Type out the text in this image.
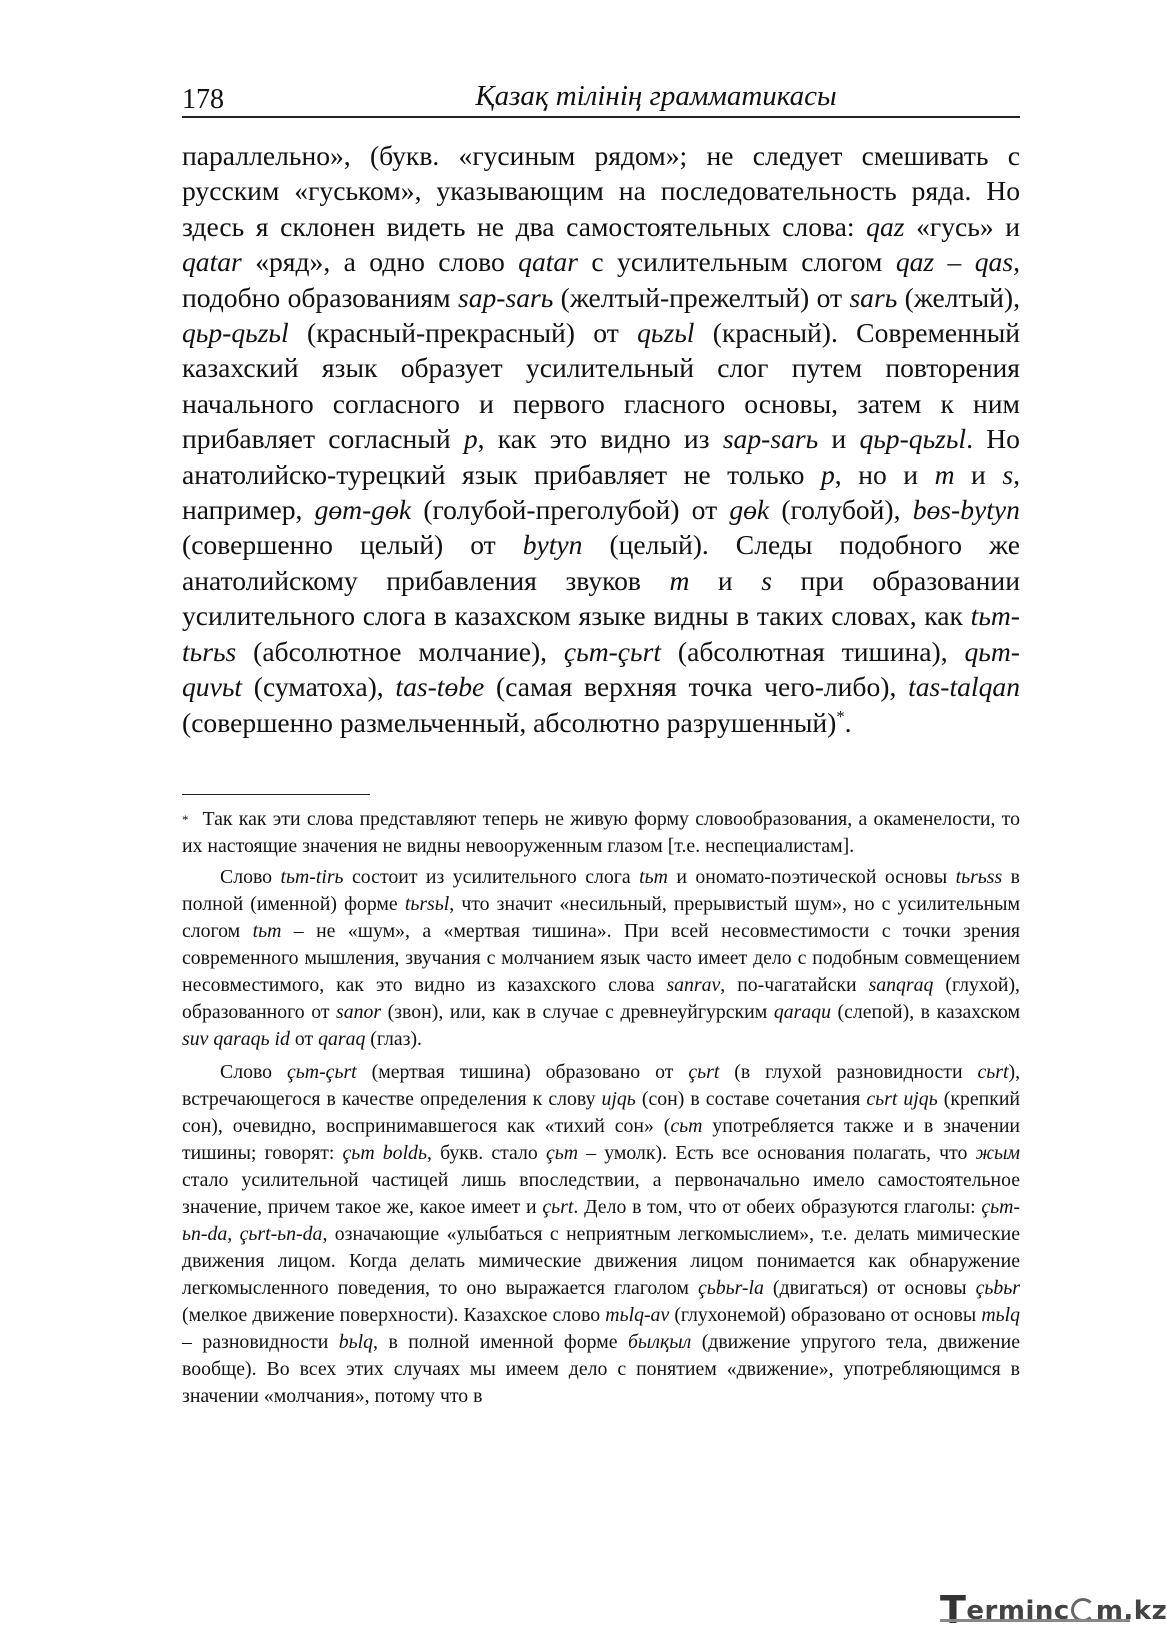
178	Қазақ тілінің грамматикасы

параллельно», (букв. «гусиным рядом»; не следует смешивать с русским «гуськом», указывающим на последовательность ряда. Но здесь я склонен видеть не два самостоятельных слова: qaz «гусь» и qatar «ряд», а одно слово qatar с усилительным слогом qaz – qas, подобно образованиям sap-sarь (желтый-прежелтый) от sarь (желтый), qьp-qьzьl (красный-прекрасный) от qьzьl (красный). Современный казахский язык образует усилительный слог путем повторения начального согласного и первого гласного основы, затем к ним прибавляет согласный p, как это видно из sap-sarь и qьp-qьzьl. Но анатолийско-турецкий язык прибавляет не только p, но и m и s, например, gөm-gөk (голубой-преголубой) от gөk (голубой), bөs-bytyn (совершенно целый) от bytyn (целый). Следы подобного же анатолийскому прибавления звуков m и s при образовании усилительного слога в казахском языке видны в таких словах, как tьm-tьrьs (абсолютное молчание), çьm-çьrt (абсолютная тишина), qьm-quvьt (суматоха), tas-tөbe (самая верхняя точка чего-либо), tas-talqan (совершенно размельченный, абсолютно разрушенный)*.

* Так как эти слова представляют теперь не живую форму словообразования, а окаменелости, то их настоящие значения не видны невооруженным глазом [т.е. неспециалистам].

Слово tьm-tirь состоит из усилительного слога tьm и ономато-поэтической основы tьrьss в полной (именной) форме tьrsьl, что значит «несильный, прерывистый шум», но с усилительным слогом tьm – не «шум», а «мертвая тишина». При всей несовместимости с точки зрения современного мышления, звучания с молчанием язык часто имеет дело с подобным совмещением несовместимого, как это видно из казахского слова sanrav, по-чагатайски sanqraq (глухой), образованного от sanor (звон), или, как в случае с древнеуйгурским qaraqu (слепой), в казахском suv qaraqь id от qaraq (глаз).

Слово çьm-çьrt (мертвая тишина) образовано от çьrt (в глухой разновидности cьrt), встречающегося в качестве определения к слову ujqь (сон) в составе сочетания cьrt ujqь (крепкий сон), очевидно, воспринимавшегося как «тихий сон» (cьm употребляется также и в значении тишины; говорят: çьm boldь, букв. стало çьm – умолк). Есть все основания полагать, что жым стало усилительной частицей лишь впоследствии, а первоначально имело самостоятельное значение, причем такое же, какое имеет и çьrt. Дело в том, что от обеих образуются глаголы: çьm-ьn-da, çьrt-ьn-da, означающие «улыбаться с неприятным легкомыслием», т.е. делать мимические движения лицом. Когда делать мимические движения лицом понимается как обнаружение легкомысленного поведения, то оно выражается глаголом çьbьr-la (двигаться) от основы çьbьr (мелкое движение поверхности). Казахское слово mьlq-av (глухонемой) образовано от основы mьlq – разновидности bьlq, в полной именной форме былқыл (движение упругого тела, движение вообще). Во всех этих случаях мы имеем дело с понятием «движение», употребляющимся в значении «молчания», потому что в

Terminc m.kz
